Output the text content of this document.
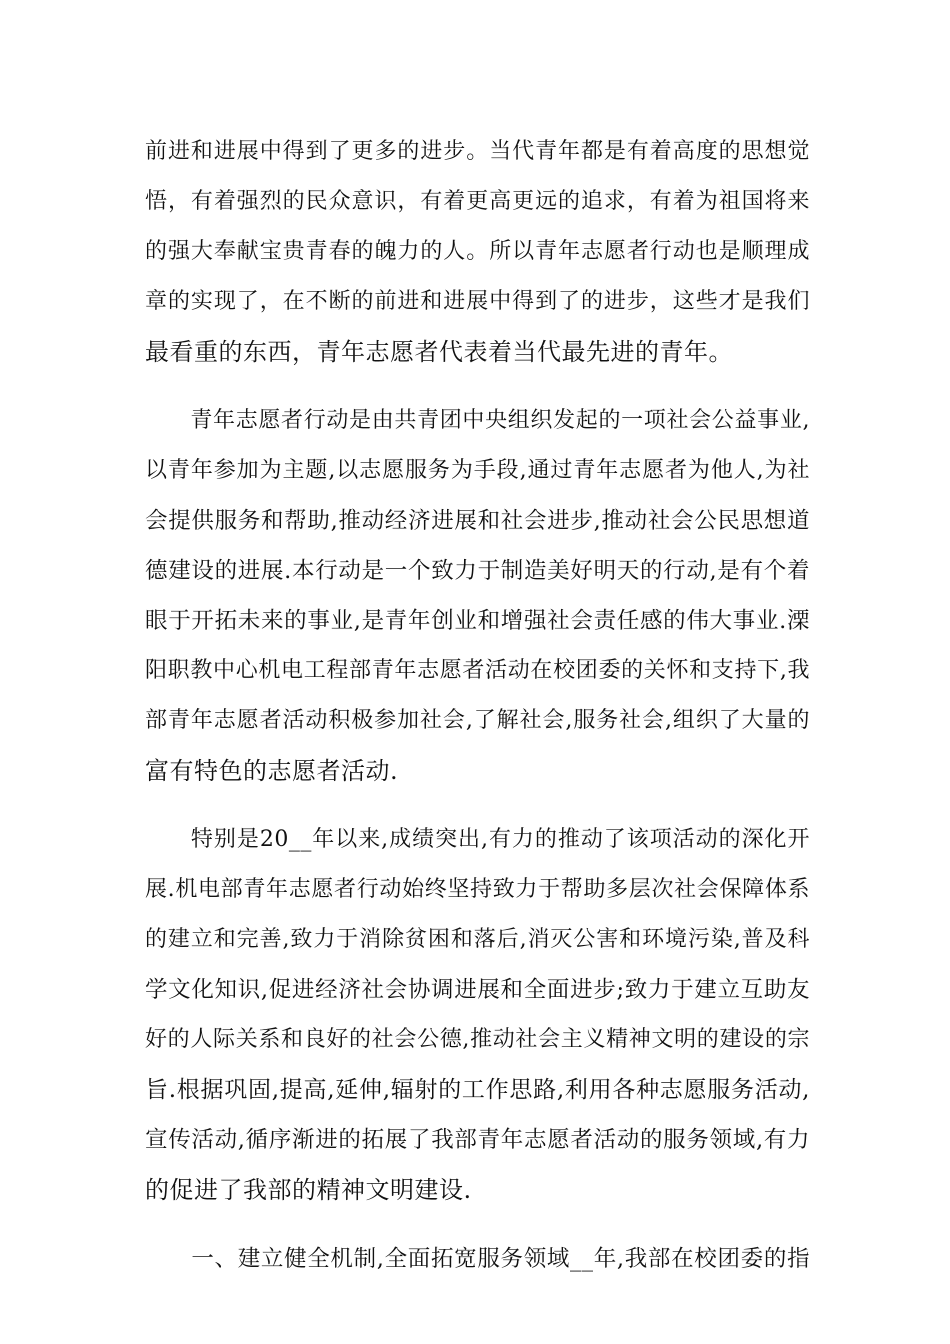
前进和进展中得到了更多的进步。当代青年都是有着高度的思想觉
悟，有着强烈的民众意识，有着更高更远的追求，有着为祖国将来
的强大奉献宝贵青春的魄力的人。所以青年志愿者行动也是顺理成
章的实现了，在不断的前进和进展中得到了的进步，这些才是我们
最看重的东西，青年志愿者代表着当代最先进的青年。
　　青年志愿者行动是由共青团中央组织发起的一项社会公益事业,
以青年参加为主题,以志愿服务为手段,通过青年志愿者为他人,为社
会提供服务和帮助,推动经济进展和社会进步,推动社会公民思想道
德建设的进展.本行动是一个致力于制造美好明天的行动,是有个着
眼于开拓未来的事业,是青年创业和增强社会责任感的伟大事业.溧
阳职教中心机电工程部青年志愿者活动在校团委的关怀和支持下,我
部青年志愿者活动积极参加社会,了解社会,服务社会,组织了大量的
富有特色的志愿者活动.
　　特别是20__年以来,成绩突出,有力的推动了该项活动的深化开
展.机电部青年志愿者行动始终坚持致力于帮助多层次社会保障体系
的建立和完善,致力于消除贫困和落后,消灭公害和环境污染,普及科
学文化知识,促进经济社会协调进展和全面进步;致力于建立互助友
好的人际关系和良好的社会公德,推动社会主义精神文明的建设的宗
旨.根据巩固,提高,延伸,辐射的工作思路,利用各种志愿服务活动,
宣传活动,循序渐进的拓展了我部青年志愿者活动的服务领域,有力
的促进了我部的精神文明建设.
　　一、建立健全机制,全面拓宽服务领域__年,我部在校团委的指
